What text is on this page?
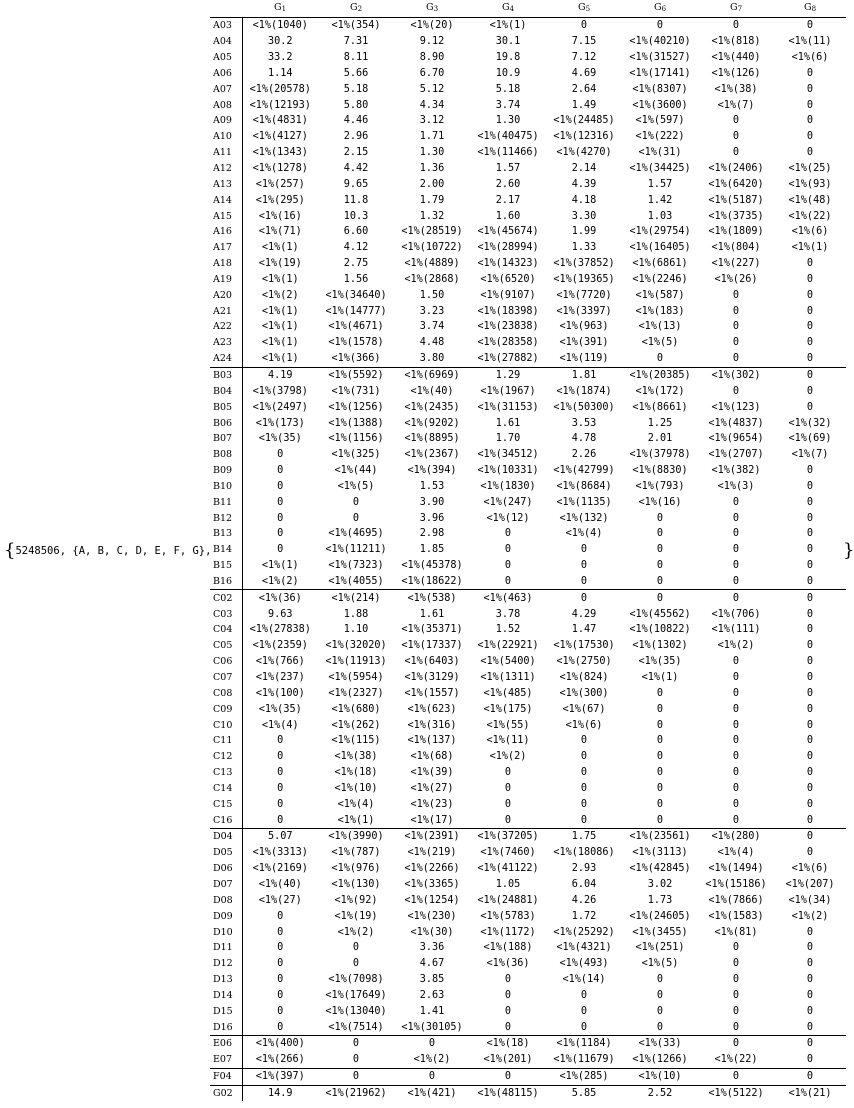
{5248506, {A, B, C, D, E, F, G},	}
	G1	G2	G3	G4	G5	G6	G7	G8
A03	<1%(1040)	<1%(354)	<1%(20)	<1%(1)	0	0	0	0
A04	30.2	7.31	9.12	30.1	7.15	<1%(40210)	<1%(818)	<1%(11)
A05	33.2	8.11	8.90	19.8	7.12	<1%(31527)	<1%(440)	<1%(6)
A06	1.14	5.66	6.70	10.9	4.69	<1%(17141)	<1%(126)	0
A07	<1%(20578)	5.18	5.12	5.18	2.64	<1%(8307)	<1%(38)	0
A08	<1%(12193)	5.80	4.34	3.74	1.49	<1%(3600)	<1%(7)	0
A09	<1%(4831)	4.46	3.12	1.30	<1%(24485)	<1%(597)	0	0
A10	<1%(4127)	2.96	1.71	<1%(40475)	<1%(12316)	<1%(222)	0	0
A11	<1%(1343)	2.15	1.30	<1%(11466)	<1%(4270)	<1%(31)	0	0
A12	<1%(1278)	4.42	1.36	1.57	2.14	<1%(34425)	<1%(2406)	<1%(25)
A13	<1%(257)	9.65	2.00	2.60	4.39	1.57	<1%(6420)	<1%(93)
A14	<1%(295)	11.8	1.79	2.17	4.18	1.42	<1%(5187)	<1%(48)
A15	<1%(16)	10.3	1.32	1.60	3.30	1.03	<1%(3735)	<1%(22)
A16	<1%(71)	6.60	<1%(28519)	<1%(45674)	1.99	<1%(29754)	<1%(1809)	<1%(6)
A17	<1%(1)	4.12	<1%(10722)	<1%(28994)	1.33	<1%(16405)	<1%(804)	<1%(1)
A18	<1%(19)	2.75	<1%(4889)	<1%(14323)	<1%(37852)	<1%(6861)	<1%(227)	0
A19	<1%(1)	1.56	<1%(2868)	<1%(6520)	<1%(19365)	<1%(2246)	<1%(26)	0
A20	<1%(2)	<1%(34640)	1.50	<1%(9107)	<1%(7720)	<1%(587)	0	0
A21	<1%(1)	<1%(14777)	3.23	<1%(18398)	<1%(3397)	<1%(183)	0	0
A22	<1%(1)	<1%(4671)	3.74	<1%(23838)	<1%(963)	<1%(13)	0	0
A23	<1%(1)	<1%(1578)	4.48	<1%(28358)	<1%(391)	<1%(5)	0	0
A24	<1%(1)	<1%(366)	3.80	<1%(27882)	<1%(119)	0	0	0
B03	4.19	<1%(5592)	<1%(6969)	1.29	1.81	<1%(20385)	<1%(302)	0
B04	<1%(3798)	<1%(731)	<1%(40)	<1%(1967)	<1%(1874)	<1%(172)	0	0
B05	<1%(2497)	<1%(1256)	<1%(2435)	<1%(31153)	<1%(50300)	<1%(8661)	<1%(123)	0
B06	<1%(173)	<1%(1388)	<1%(9202)	1.61	3.53	1.25	<1%(4837)	<1%(32)
B07	<1%(35)	<1%(1156)	<1%(8895)	1.70	4.78	2.01	<1%(9654)	<1%(69)
B08	0	<1%(325)	<1%(2367)	<1%(34512)	2.26	<1%(37978)	<1%(2707)	<1%(7)
B09	0	<1%(44)	<1%(394)	<1%(10331)	<1%(42799)	<1%(8830)	<1%(382)	0
B10	0	<1%(5)	1.53	<1%(1830)	<1%(8684)	<1%(793)	<1%(3)	0
B11	0	0	3.90	<1%(247)	<1%(1135)	<1%(16)	0	0
B12	0	0	3.96	<1%(12)	<1%(132)	0	0	0
B13	0	<1%(4695)	2.98	0	<1%(4)	0	0	0
B14	0	<1%(11211)	1.85	0	0	0	0	0
B15	<1%(1)	<1%(7323)	<1%(45378)	0	0	0	0	0
B16	<1%(2)	<1%(4055)	<1%(18622)	0	0	0	0	0
C02	<1%(36)	<1%(214)	<1%(538)	<1%(463)	0	0	0	0
C03	9.63	1.88	1.61	3.78	4.29	<1%(45562)	<1%(706)	0
C04	<1%(27838)	1.10	<1%(35371)	1.52	1.47	<1%(10822)	<1%(111)	0
C05	<1%(2359)	<1%(32020)	<1%(17337)	<1%(22921)	<1%(17530)	<1%(1302)	<1%(2)	0
C06	<1%(766)	<1%(11913)	<1%(6403)	<1%(5400)	<1%(2750)	<1%(35)	0	0
C07	<1%(237)	<1%(5954)	<1%(3129)	<1%(1311)	<1%(824)	<1%(1)	0	0
C08	<1%(100)	<1%(2327)	<1%(1557)	<1%(485)	<1%(300)	0	0	0
C09	<1%(35)	<1%(680)	<1%(623)	<1%(175)	<1%(67)	0	0	0
C10	<1%(4)	<1%(262)	<1%(316)	<1%(55)	<1%(6)	0	0	0
C11	0	<1%(115)	<1%(137)	<1%(11)	0	0	0	0
C12	0	<1%(38)	<1%(68)	<1%(2)	0	0	0	0
C13	0	<1%(18)	<1%(39)	0	0	0	0	0
C14	0	<1%(10)	<1%(27)	0	0	0	0	0
C15	0	<1%(4)	<1%(23)	0	0	0	0	0
C16	0	<1%(1)	<1%(17)	0	0	0	0	0
D04	5.07	<1%(3990)	<1%(2391)	<1%(37205)	1.75	<1%(23561)	<1%(280)	0
D05	<1%(3313)	<1%(787)	<1%(219)	<1%(7460)	<1%(18086)	<1%(3113)	<1%(4)	0
D06	<1%(2169)	<1%(976)	<1%(2266)	<1%(41122)	2.93	<1%(42845)	<1%(1494)	<1%(6)
D07	<1%(40)	<1%(130)	<1%(3365)	1.05	6.04	3.02	<1%(15186)	<1%(207)
D08	<1%(27)	<1%(92)	<1%(1254)	<1%(24881)	4.26	1.73	<1%(7866)	<1%(34)
D09	0	<1%(19)	<1%(230)	<1%(5783)	1.72	<1%(24605)	<1%(1583)	<1%(2)
D10	0	<1%(2)	<1%(30)	<1%(1172)	<1%(25292)	<1%(3455)	<1%(81)	0
D11	0	0	3.36	<1%(188)	<1%(4321)	<1%(251)	0	0
D12	0	0	4.67	<1%(36)	<1%(493)	<1%(5)	0	0
D13	0	<1%(7098)	3.85	0	<1%(14)	0	0	0
D14	0	<1%(17649)	2.63	0	0	0	0	0
D15	0	<1%(13040)	1.41	0	0	0	0	0
D16	0	<1%(7514)	<1%(30105)	0	0	0	0	0
E06	<1%(400)	0	0	<1%(18)	<1%(1184)	<1%(33)	0	0
E07	<1%(266)	0	<1%(2)	<1%(201)	<1%(11679)	<1%(1266)	<1%(22)	0
F04	<1%(397)	0	0	0	<1%(285)	<1%(10)	0	0
G02	14.9	<1%(21962)	<1%(421)	<1%(48115)	5.85	2.52	<1%(5122)	<1%(21)
